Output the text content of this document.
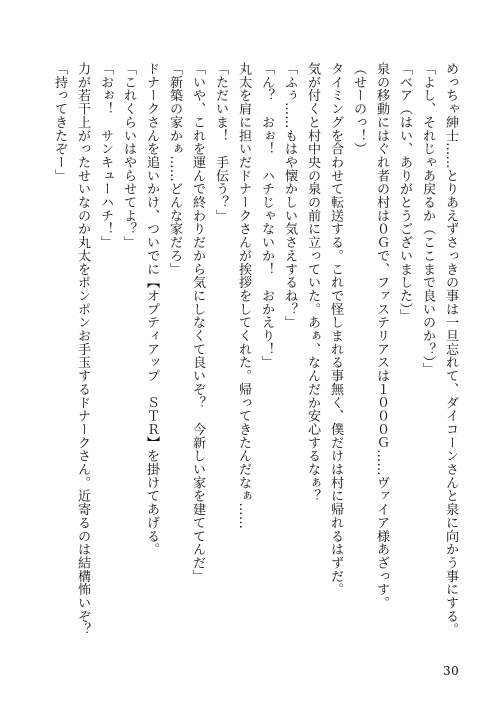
めっちゃ紳士……とりあえずさっきの事は一旦忘れて、ダイコーンさんと泉に向かう事にする。
「よし、それじゃあ戻るか（ここまで良いのか？）」
「ベア（はい、ありがとうございました）」
泉の移動にはぐれ者の村は０Ｇで、ファステリアスは１０００Ｇ……ヴァイア様あざっす。
（せーのっ！）
タイミングを合わせて転送する。これで怪しまれる事無く、僕だけは村に帰れるはずだ。
気が付くと村中央の泉の前に立っていた。あぁ、なんだか安心するなぁ？
「ふぅ……もはや懐かしい気さえするね？」
「ん？　おぉ！　ハチじゃないか！　おかえり！」
丸太を肩に担いだドナークさんが挨拶をしてくれた。帰ってきたんだなぁ……
「ただいま！　手伝う？」
「いや、これを運んで終わりだから気にしなくて良いぞ？　今新しい家を建ててんだ」
「新築の家かぁ……どんな家だろ」
ドナークさんを追いかけ、ついでに【オプティアップ　ＳＴＲ】を掛けてあげる。
「これくらいはやらせてよ？」
「おぉ！　サンキューハチ！」
力が若干上がったせいなのか丸太をポンポンお手玉するドナークさん。近寄るのは結構怖いぞ？
「持ってきたぞー」
30
